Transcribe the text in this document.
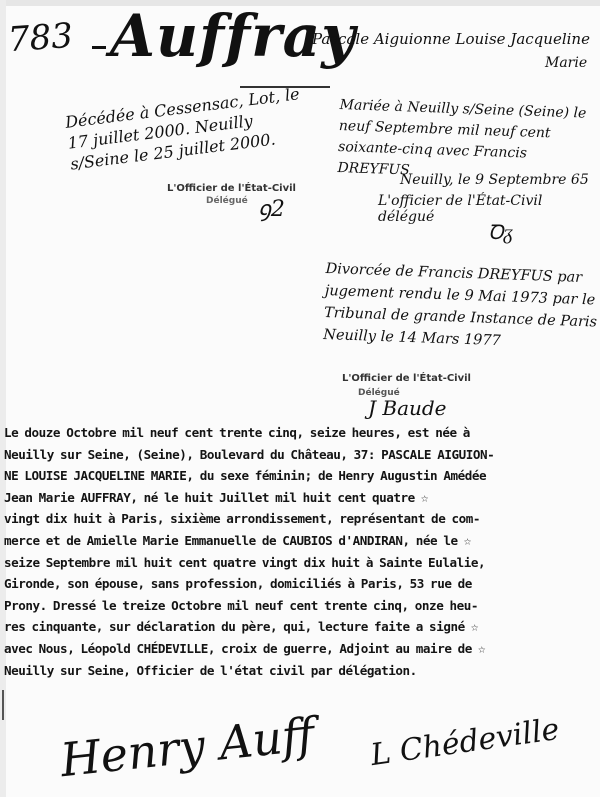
783 Auffray
Pascale Aiguionne Louise Jacqueline
Marie
Décédée à Cessensac, Lot, le 17 juillet 2000. Neuilly s/Seine le 25 juillet 2000.
L'Officier de l'État-Civil
Délégué ꝯ2
Mariée à Neuilly s/Seine (Seine) le neuf Septembre mil neuf cent soixante-cinq avec Francis DREYFUS
Neuilly, le 9 Septembre 65
L'officier de l'État-Civil délégué
Ꝺᵹ
Divorcée de Francis DREYFUS par jugement rendu le 9 Mai 1973 par le Tribunal de grande Instance de Paris Neuilly le 14 Mars 1977
L'Officier de l'État-Civil
Délégué
J Baude
Le douze Octobre mil neuf cent trente cinq, seize heures, est née à
Neuilly sur Seine, (Seine), Boulevard du Château, 37: PASCALE AIGUION-
NE LOUISE JACQUELINE MARIE, du sexe féminin; de Henry Augustin Amédée
Jean Marie AUFFRAY, né le huit Juillet mil huit cent quatre ☆
vingt dix huit à Paris, sixième arrondissement, représentant de com-
merce et de Amielle Marie Emmanuelle de CAUBIOS d'ANDIRAN, née le ☆
seize Septembre mil huit cent quatre vingt dix huit à Sainte Eulalie,
Gironde, son épouse, sans profession, domiciliés à Paris, 53 rue de
Prony. Dressé le treize Octobre mil neuf cent trente cinq, onze heu-
res cinquante, sur déclaration du père, qui, lecture faite a signé ☆
avec Nous, Léopold CHÉDEVILLE, croix de guerre, Adjoint au maire de ☆
Neuilly sur Seine, Officier de l'état civil par délégation.
Henry Auff L Chédeville
